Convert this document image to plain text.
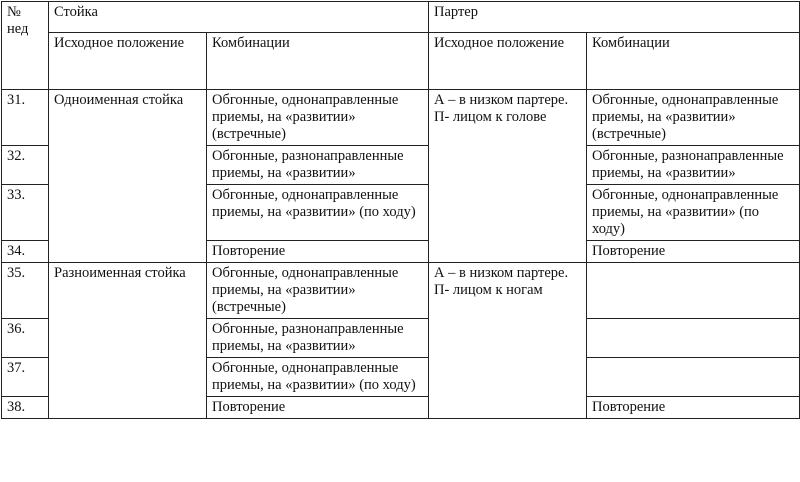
№ нед	Стойка		Партер	
	Исходное положение	Комбинации	Исходное положение	Комбинации
31.	Одноименная стойка	Обгонные, однонаправленные приемы, на «развитии» (встречные)	А – в низком партере. П- лицом к голове	Обгонные, однонаправленные приемы, на «развитии» (встречные)
32.		Обгонные, разнонаправленные приемы, на «развитии»		Обгонные, разнонаправленные приемы, на «развитии»
33.		Обгонные, однонаправленные приемы, на «развитии» (по ходу)		Обгонные, однонаправленные приемы, на «развитии» (по ходу)
34.		Повторение		Повторение
35.	Разноименная стойка	Обгонные, однонаправленные приемы, на «развитии» (встречные)	А – в низком партере. П- лицом к ногам	
36.		Обгонные, разнонаправленные приемы, на «развитии»		
37.		Обгонные, однонаправленные приемы, на «развитии» (по ходу)		
38.		Повторение		Повторение
